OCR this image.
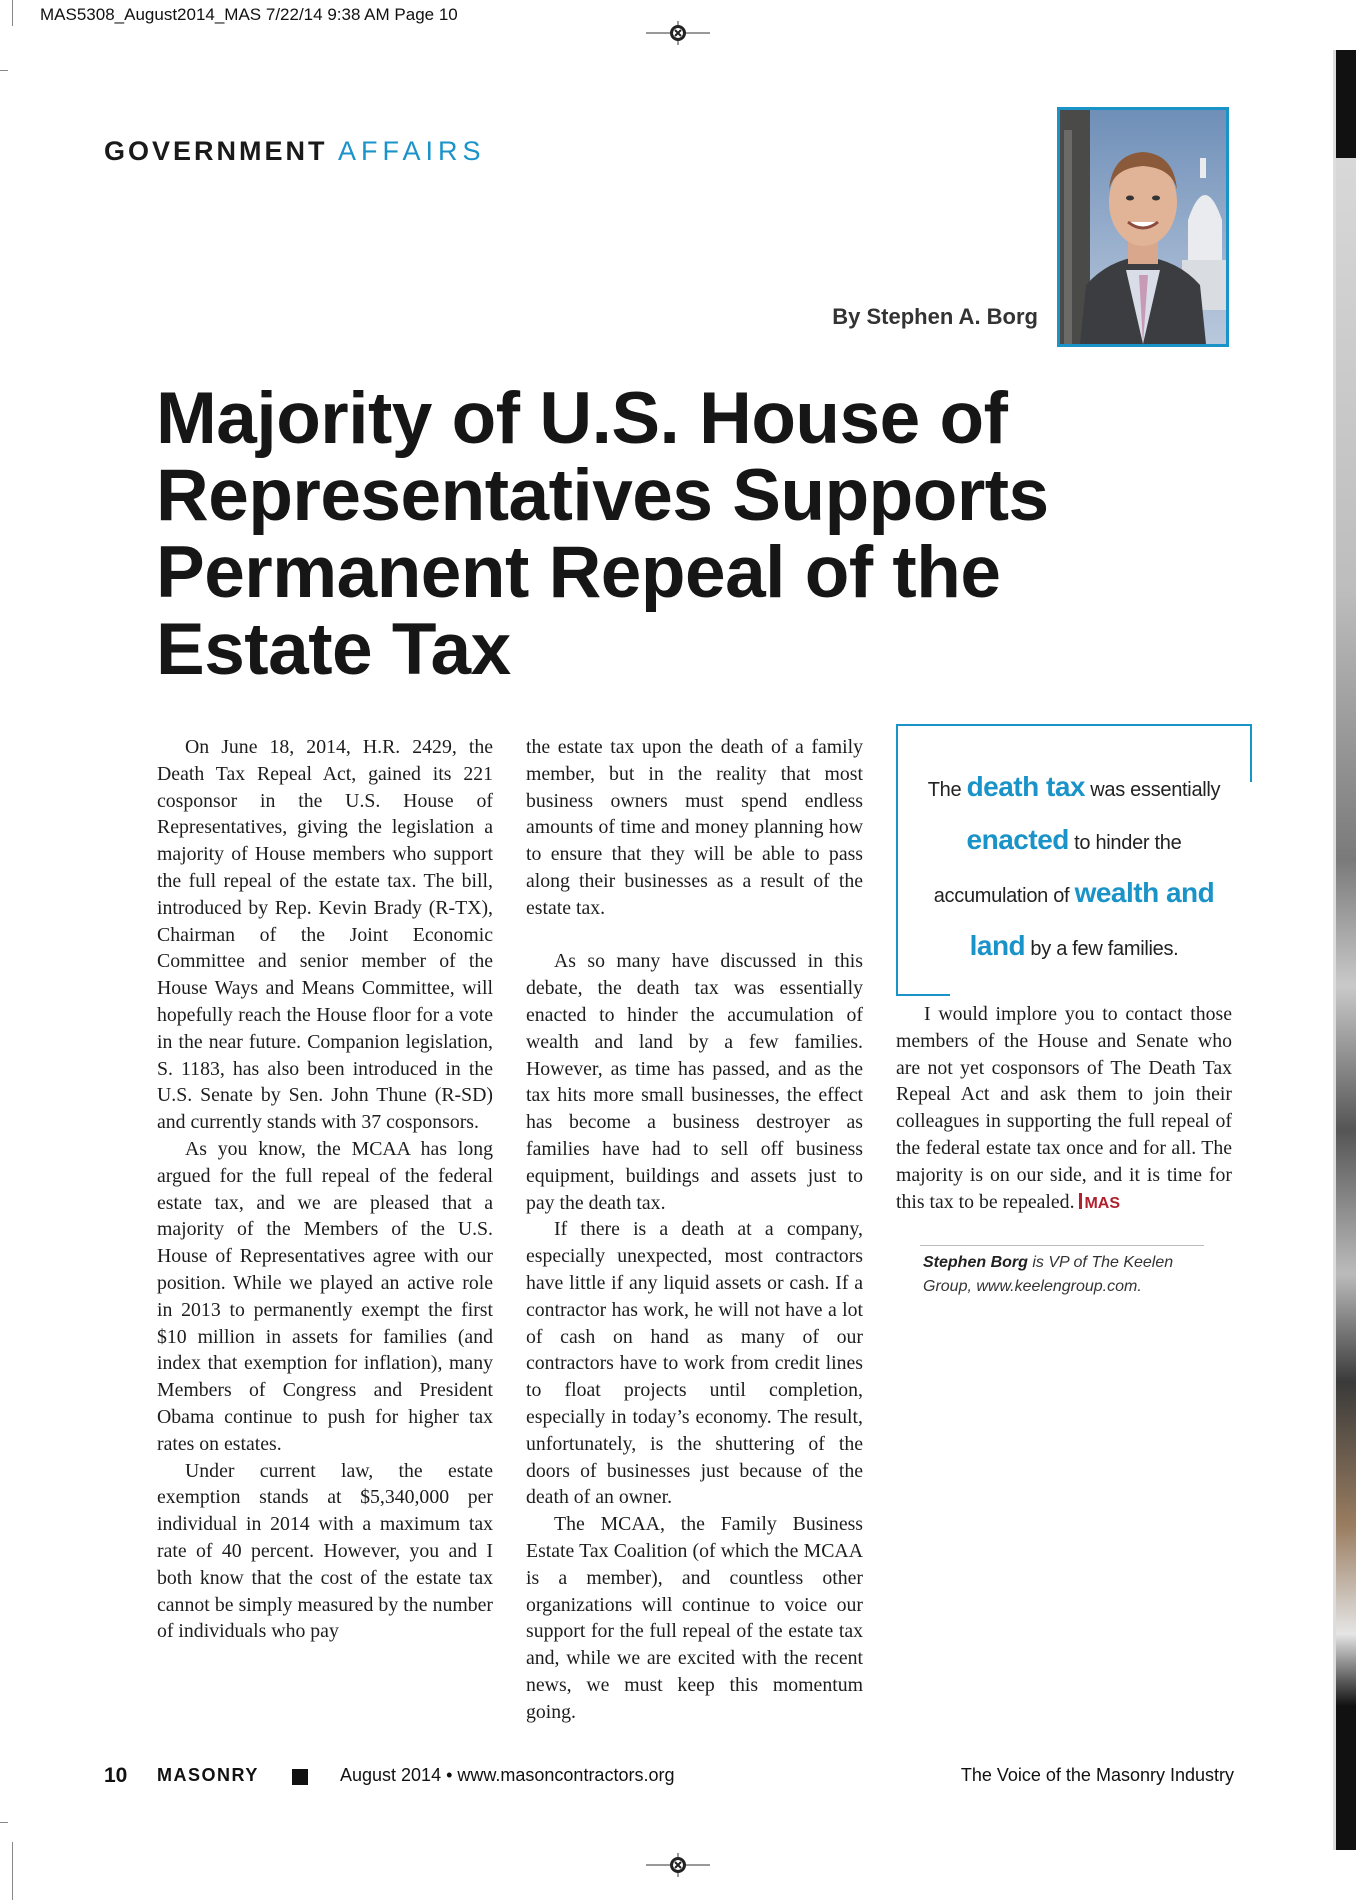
MAS5308_August2014_MAS 7/22/14 9:38 AM Page 10
GOVERNMENT AFFAIRS
By Stephen A. Borg
Majority of U.S. House of Representatives Supports Permanent Repeal of the Estate Tax

On June 18, 2014, H.R. 2429, the Death Tax Repeal Act, gained its 221 cosponsor in the U.S. House of Representatives, giving the legislation a majority of House members who support the full repeal of the estate tax. The bill, introduced by Rep. Kevin Brady (R-TX), Chairman of the Joint Economic Committee and senior member of the House Ways and Means Committee, will hopefully reach the House floor for a vote in the near future. Companion legislation, S. 1183, has also been introduced in the U.S. Senate by Sen. John Thune (R-SD) and currently stands with 37 cosponsors.

As you know, the MCAA has long argued for the full repeal of the federal estate tax, and we are pleased that a majority of the Members of the U.S. House of Representatives agree with our position. While we played an active role in 2013 to permanently exempt the first $10 million in assets for families (and index that exemption for inflation), many Members of Congress and President Obama continue to push for higher tax rates on estates.

Under current law, the estate exemption stands at $5,340,000 per individual in 2014 with a maximum tax rate of 40 percent. However, you and I both know that the cost of the estate tax cannot be simply measured by the number of individuals who pay

the estate tax upon the death of a family member, but in the reality that most business owners must spend endless amounts of time and money planning how to ensure that they will be able to pass along their businesses as a result of the estate tax.

As so many have discussed in this debate, the death tax was essentially enacted to hinder the accumulation of wealth and land by a few families. However, as time has passed, and as the tax hits more small businesses, the effect has become a business destroyer as families have had to sell off business equipment, buildings and assets just to pay the death tax.

If there is a death at a company, especially unexpected, most contractors have little if any liquid assets or cash. If a contractor has work, he will not have a lot of cash on hand as many of our contractors have to work from credit lines to float projects until completion, especially in today’s economy. The result, unfortunately, is the shuttering of the doors of businesses just because of the death of an owner.

The MCAA, the Family Business Estate Tax Coalition (of which the MCAA is a member), and countless other organizations will continue to voice our support for the full repeal of the estate tax and, while we are excited with the recent news, we must keep this momentum going.

The death tax was essentially
enacted to hinder the accumulation of wealth and land by a few families.

I would implore you to contact those members of the House and Senate who are not yet cosponsors of The Death Tax Repeal Act and ask them to join their colleagues in supporting the full repeal of the federal estate tax once and for all. The majority is on our side, and it is time for this tax to be repealed. MAS

Stephen Borg is VP of The Keelen Group, www.keelengroup.com.
10 MASONRY	August 2014 • www.masoncontractors.org	The Voice of the Masonry Industry
